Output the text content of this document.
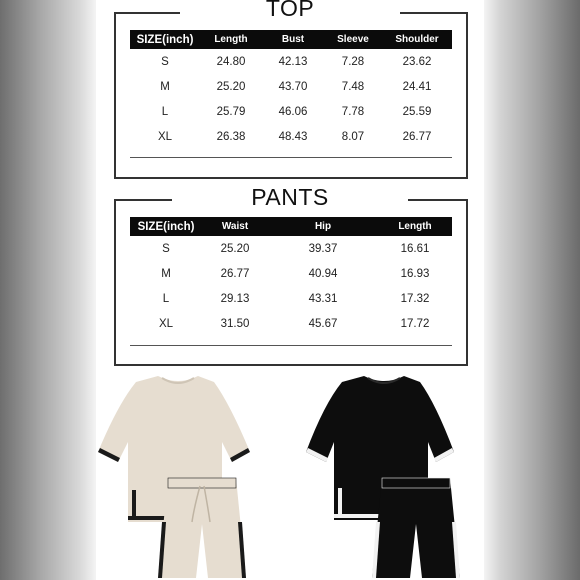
TOP
SIZE(inch)	Length	Bust	Sleeve	Shoulder
S	24.80	42.13	7.28	23.62
M	25.20	43.70	7.48	24.41
L	25.79	46.06	7.78	25.59
XL	26.38	48.43	8.07	26.77
PANTS
SIZE(inch)	Waist	Hip	Length
S	25.20	39.37	16.61
M	26.77	40.94	16.93
L	29.13	43.31	17.32
XL	31.50	45.67	17.72
